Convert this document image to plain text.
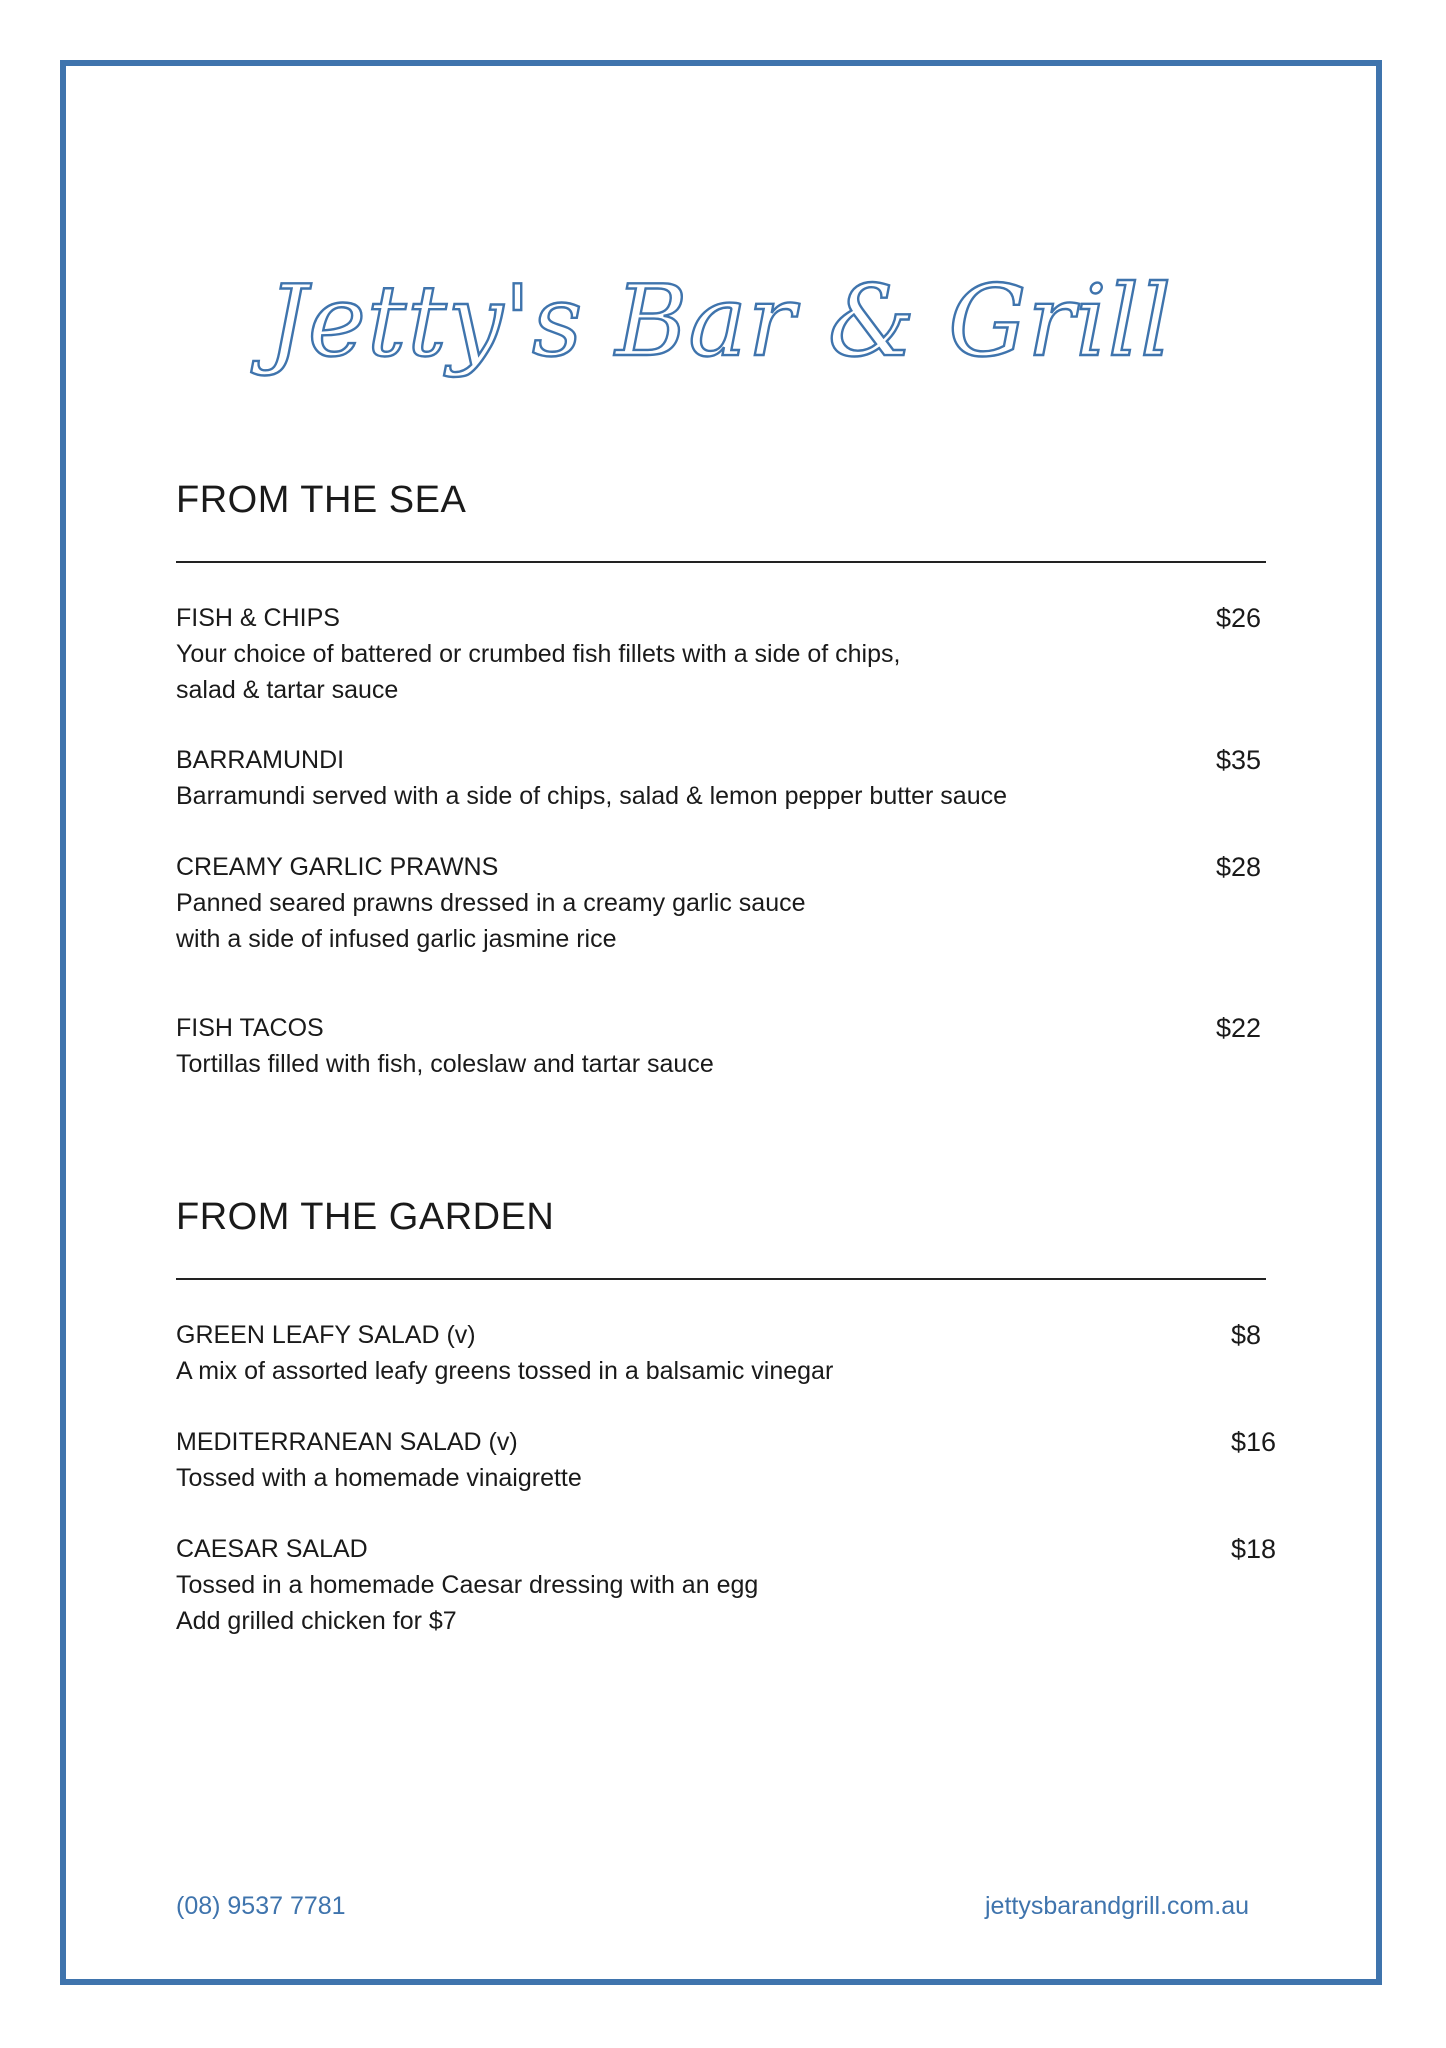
Jetty's Bar & Grill
FROM THE SEA

FISH & CHIPS

Your choice of battered or crumbed fish fillets with a side of chips,
salad & tartar sauce

$26

BARRAMUNDI

Barramundi served with a side of chips, salad & lemon pepper butter sauce

$35

CREAMY GARLIC PRAWNS

Panned seared prawns dressed in a creamy garlic sauce
with a side of infused garlic jasmine rice

$28

FISH TACOS

Tortillas filled with fish, coleslaw and tartar sauce

$22
FROM THE GARDEN

GREEN LEAFY SALAD (v)

A mix of assorted leafy greens tossed in a balsamic vinegar

$8

MEDITERRANEAN SALAD (v)

Tossed with a homemade vinaigrette

$16

CAESAR SALAD

Tossed in a homemade Caesar dressing with an egg
Add grilled chicken for $7

$18
(08) 9537 7781	jettysbarandgrill.com.au
